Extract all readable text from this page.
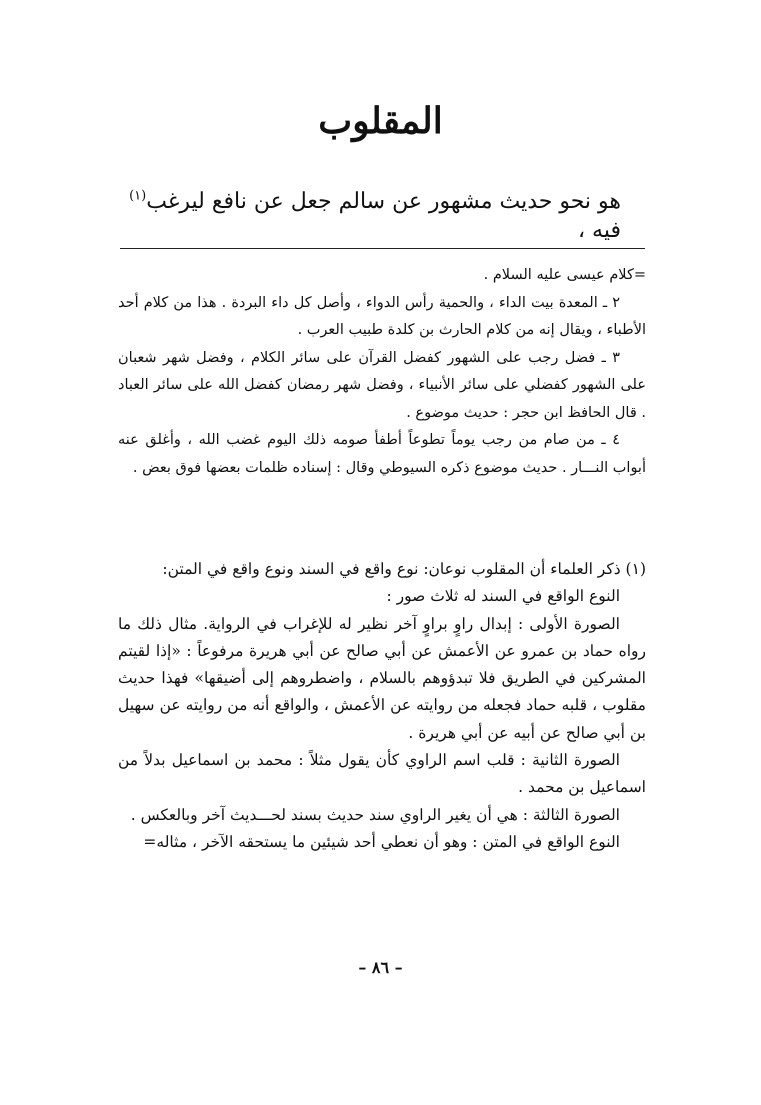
المقلوب
هو نحو حديث مشهور عن سالم جعل عن نافع ليرغب$^{(١)}$ فيه ،

=كلام عيسى عليه السلام .

٢ ـ المعدة بيت الداء ، والحمية رأس الدواء ، وأصل كل داء البردة . هذا من كلام أحد الأطباء ، ويقال إنه من كلام الحارث بن كلدة طبيب العرب .

٣ ـ فضل رجب على الشهور كفضل القرآن على سائر الكلام ، وفضل شهر شعبان على الشهور كفضلي على سائر الأنبياء ، وفضل شهر رمضان كفضل الله على سائر العباد . قال الحافظ ابن حجر : حديث موضوع .

٤ ـ من صام من رجب يوماً تطوعاً أطفأ صومه ذلك اليوم غضب الله ، وأغلق عنه أبواب النـــار . حديث موضوع ذكره السيوطي وقال : إسناده ظلمات بعضها فوق بعض .

(١) ذكر العلماء أن المقلوب نوعان: نوع واقع في السند ونوع واقع في المتن:

النوع الواقع في السند له ثلاث صور :

الصورة الأولى : إبدال راوٍ براوٍ آخر نظير له للإغراب في الرواية. مثال ذلك ما رواه حماد بن عمرو عن الأعمش عن أبي صالح عن أبي هريرة مرفوعاً : «إذا لقيتم المشركين في الطريق فلا تبدؤوهم بالسلام ، واضطروهم إلى أضيقها» فهذا حديث مقلوب ، قلبه حماد فجعله من روايته عن الأعمش ، والواقع أنه من روايته عن سهيل بن أبي صالح عن أبيه عن أبي هريرة .

الصورة الثانية : قلب اسم الراوي كأن يقول مثلاً : محمد بن اسماعيل بدلاً من اسماعيل بن محمد .

الصورة الثالثة : هي أن يغير الراوي سند حديث بسند لحـــديث آخر وبالعكس .

النوع الواقع في المتن : وهو أن نعطي أحد شيئين ما يستحقه الآخر ، مثاله=

– ٨٦ –
